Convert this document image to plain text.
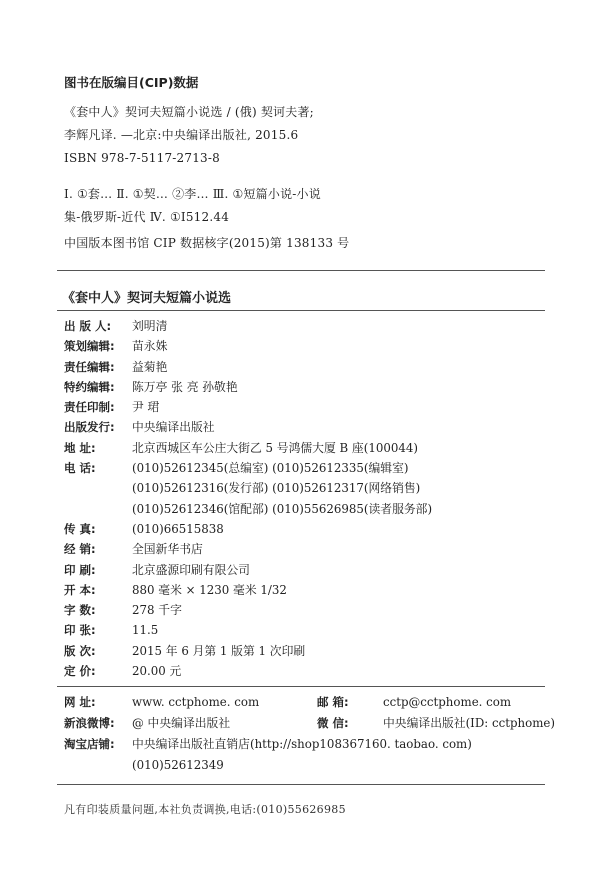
图书在版编目(CIP)数据
《套中人》契诃夫短篇小说选 / (俄) 契诃夫著;
李辉凡译. —北京:中央编译出版社, 2015.6
ISBN 978-7-5117-2713-8
Ⅰ. ①套… Ⅱ. ①契… ②李… Ⅲ. ①短篇小说-小说
集-俄罗斯-近代 Ⅳ. ①I512.44
中国版本图书馆 CIP 数据核字(2015)第 138133 号
《套中人》契诃夫短篇小说选
出 版 人: 刘明清
策划编辑: 苗永姝
责任编辑: 益菊艳
特约编辑: 陈万亭 张 亮 孙敬艳
责任印制: 尹 珺
出版发行: 中央编译出版社
地 址:	北京西城区车公庄大街乙 5 号鸿儒大厦 B 座(100044)
电 话:	(010)52612345(总编室) (010)52612335(编辑室)
(010)52612316(发行部) (010)52612317(网络销售)
(010)52612346(馆配部) (010)55626985(读者服务部)
传 真:	(010)66515838
经 销:	全国新华书店
印 刷:	北京盛源印刷有限公司
开 本:	880 毫米 × 1230 毫米 1/32
字 数:	278 千字
印 张:	11.5
版 次:	2015 年 6 月第 1 版第 1 次印刷
定 价:	20.00 元
网 址:	www. cctphome. com	邮 箱:	cctp@cctphome. com
新浪微博: @ 中央编译出版社	微 信:	中央编译出版社(ID: cctphome)
淘宝店铺: 中央编译出版社直销店(http://shop108367160. taobao. com)
(010)52612349
凡有印装质量问题,本社负责调换,电话:(010)55626985
